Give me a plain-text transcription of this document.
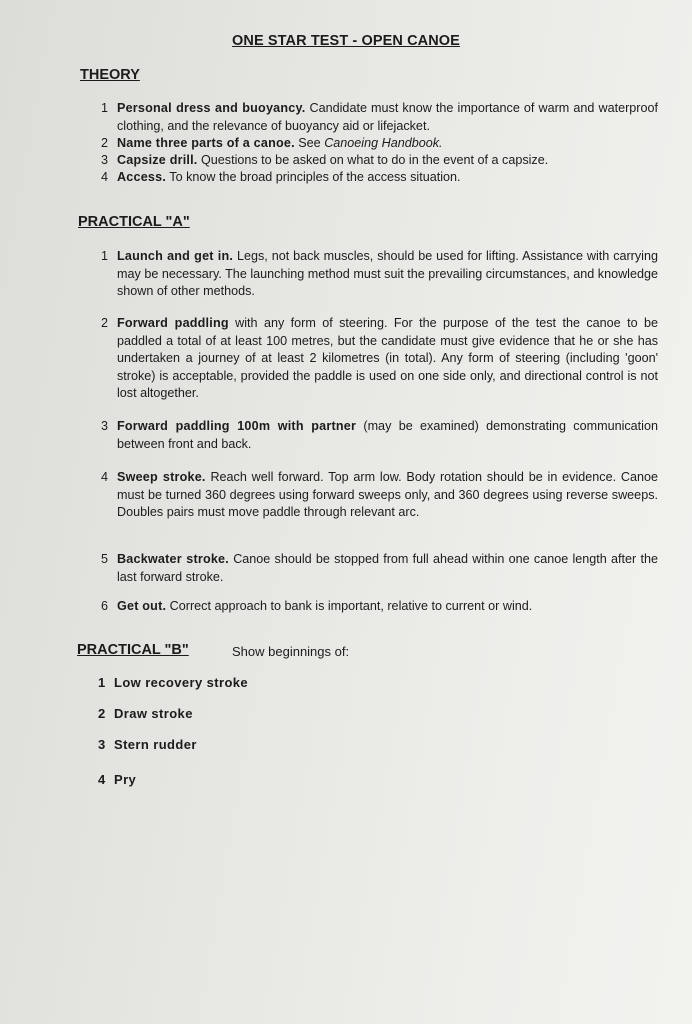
ONE STAR TEST - OPEN CANOE
THEORY
1 Personal dress and buoyancy. Candidate must know the importance of warm and waterproof clothing, and the relevance of buoyancy aid or lifejacket.
2 Name three parts of a canoe. See Canoeing Handbook.
3 Capsize drill. Questions to be asked on what to do in the event of a capsize.
4 Access. To know the broad principles of the access situation.
PRACTICAL "A"
1 Launch and get in. Legs, not back muscles, should be used for lifting. Assistance with carrying may be necessary. The launching method must suit the prevailing circumstances, and knowledge shown of other methods.
2 Forward paddling with any form of steering. For the purpose of the test the canoe to be paddled a total of at least 100 metres, but the candidate must give evidence that he or she has undertaken a journey of at least 2 kilometres (in total). Any form of steering (including 'goon' stroke) is acceptable, provided the paddle is used on one side only, and directional control is not lost altogether.
3 Forward paddling 100m with partner (may be examined) demonstrating communication between front and back.
4 Sweep stroke. Reach well forward. Top arm low. Body rotation should be in evidence. Canoe must be turned 360 degrees using forward sweeps only, and 360 degrees using reverse sweeps. Doubles pairs must move paddle through relevant arc.
5 Backwater stroke. Canoe should be stopped from full ahead within one canoe length after the last forward stroke.
6 Get out. Correct approach to bank is important, relative to current or wind.
PRACTICAL "B"	Show beginnings of:
1 Low recovery stroke
2 Draw stroke
3 Stern rudder
4 Pry
